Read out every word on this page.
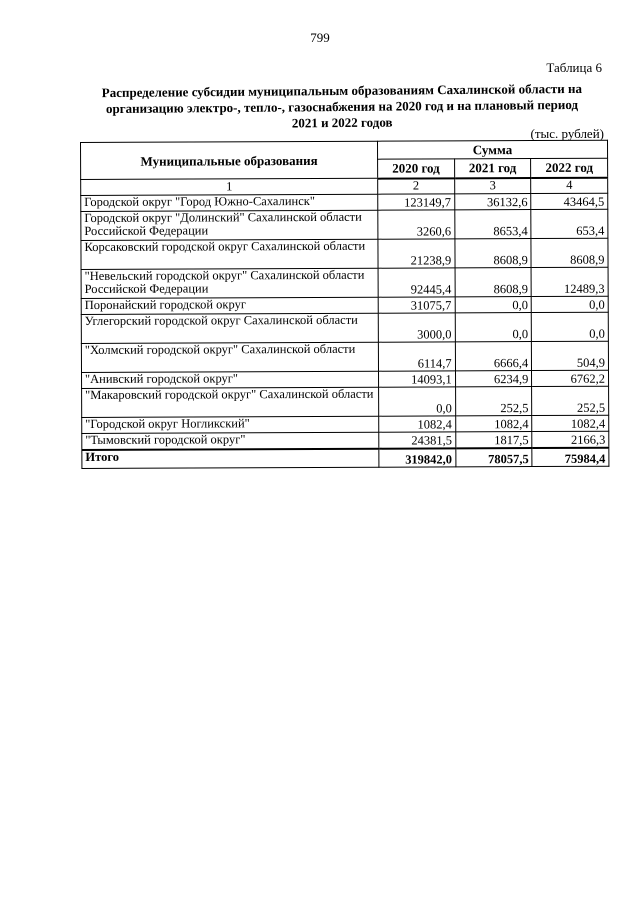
799
Таблица 6
Распределение субсидии муниципальным образованиям Сахалинской области на организацию электро-, тепло-, газоснабжения на 2020 год и на плановый период 2021 и 2022 годов
(тыс. рублей)
Муниципальные образования	Сумма		
	2020 год	2021 год	2022 год
1	2	3	4
Городской округ "Город Южно-Сахалинск"	123149,7	36132,6	43464,5
Городской округ "Долинский" Сахалинской области Российской Федерации	3260,6	8653,4	653,4
Корсаковский городской округ Сахалинской области	21238,9	8608,9	8608,9
"Невельский городской округ" Сахалинской области Российской Федерации	92445,4	8608,9	12489,3
Поронайский городской округ	31075,7	0,0	0,0
Углегорский городской округ Сахалинской области	3000,0	0,0	0,0
"Холмский городской округ" Сахалинской области	6114,7	6666,4	504,9
"Анивский городской округ"	14093,1	6234,9	6762,2
"Макаровский городской округ" Сахалинской области	0,0	252,5	252,5
"Городской округ Ногликский"	1082,4	1082,4	1082,4
"Тымовский городской округ"	24381,5	1817,5	2166,3
Итого	319842,0	78057,5	75984,4
